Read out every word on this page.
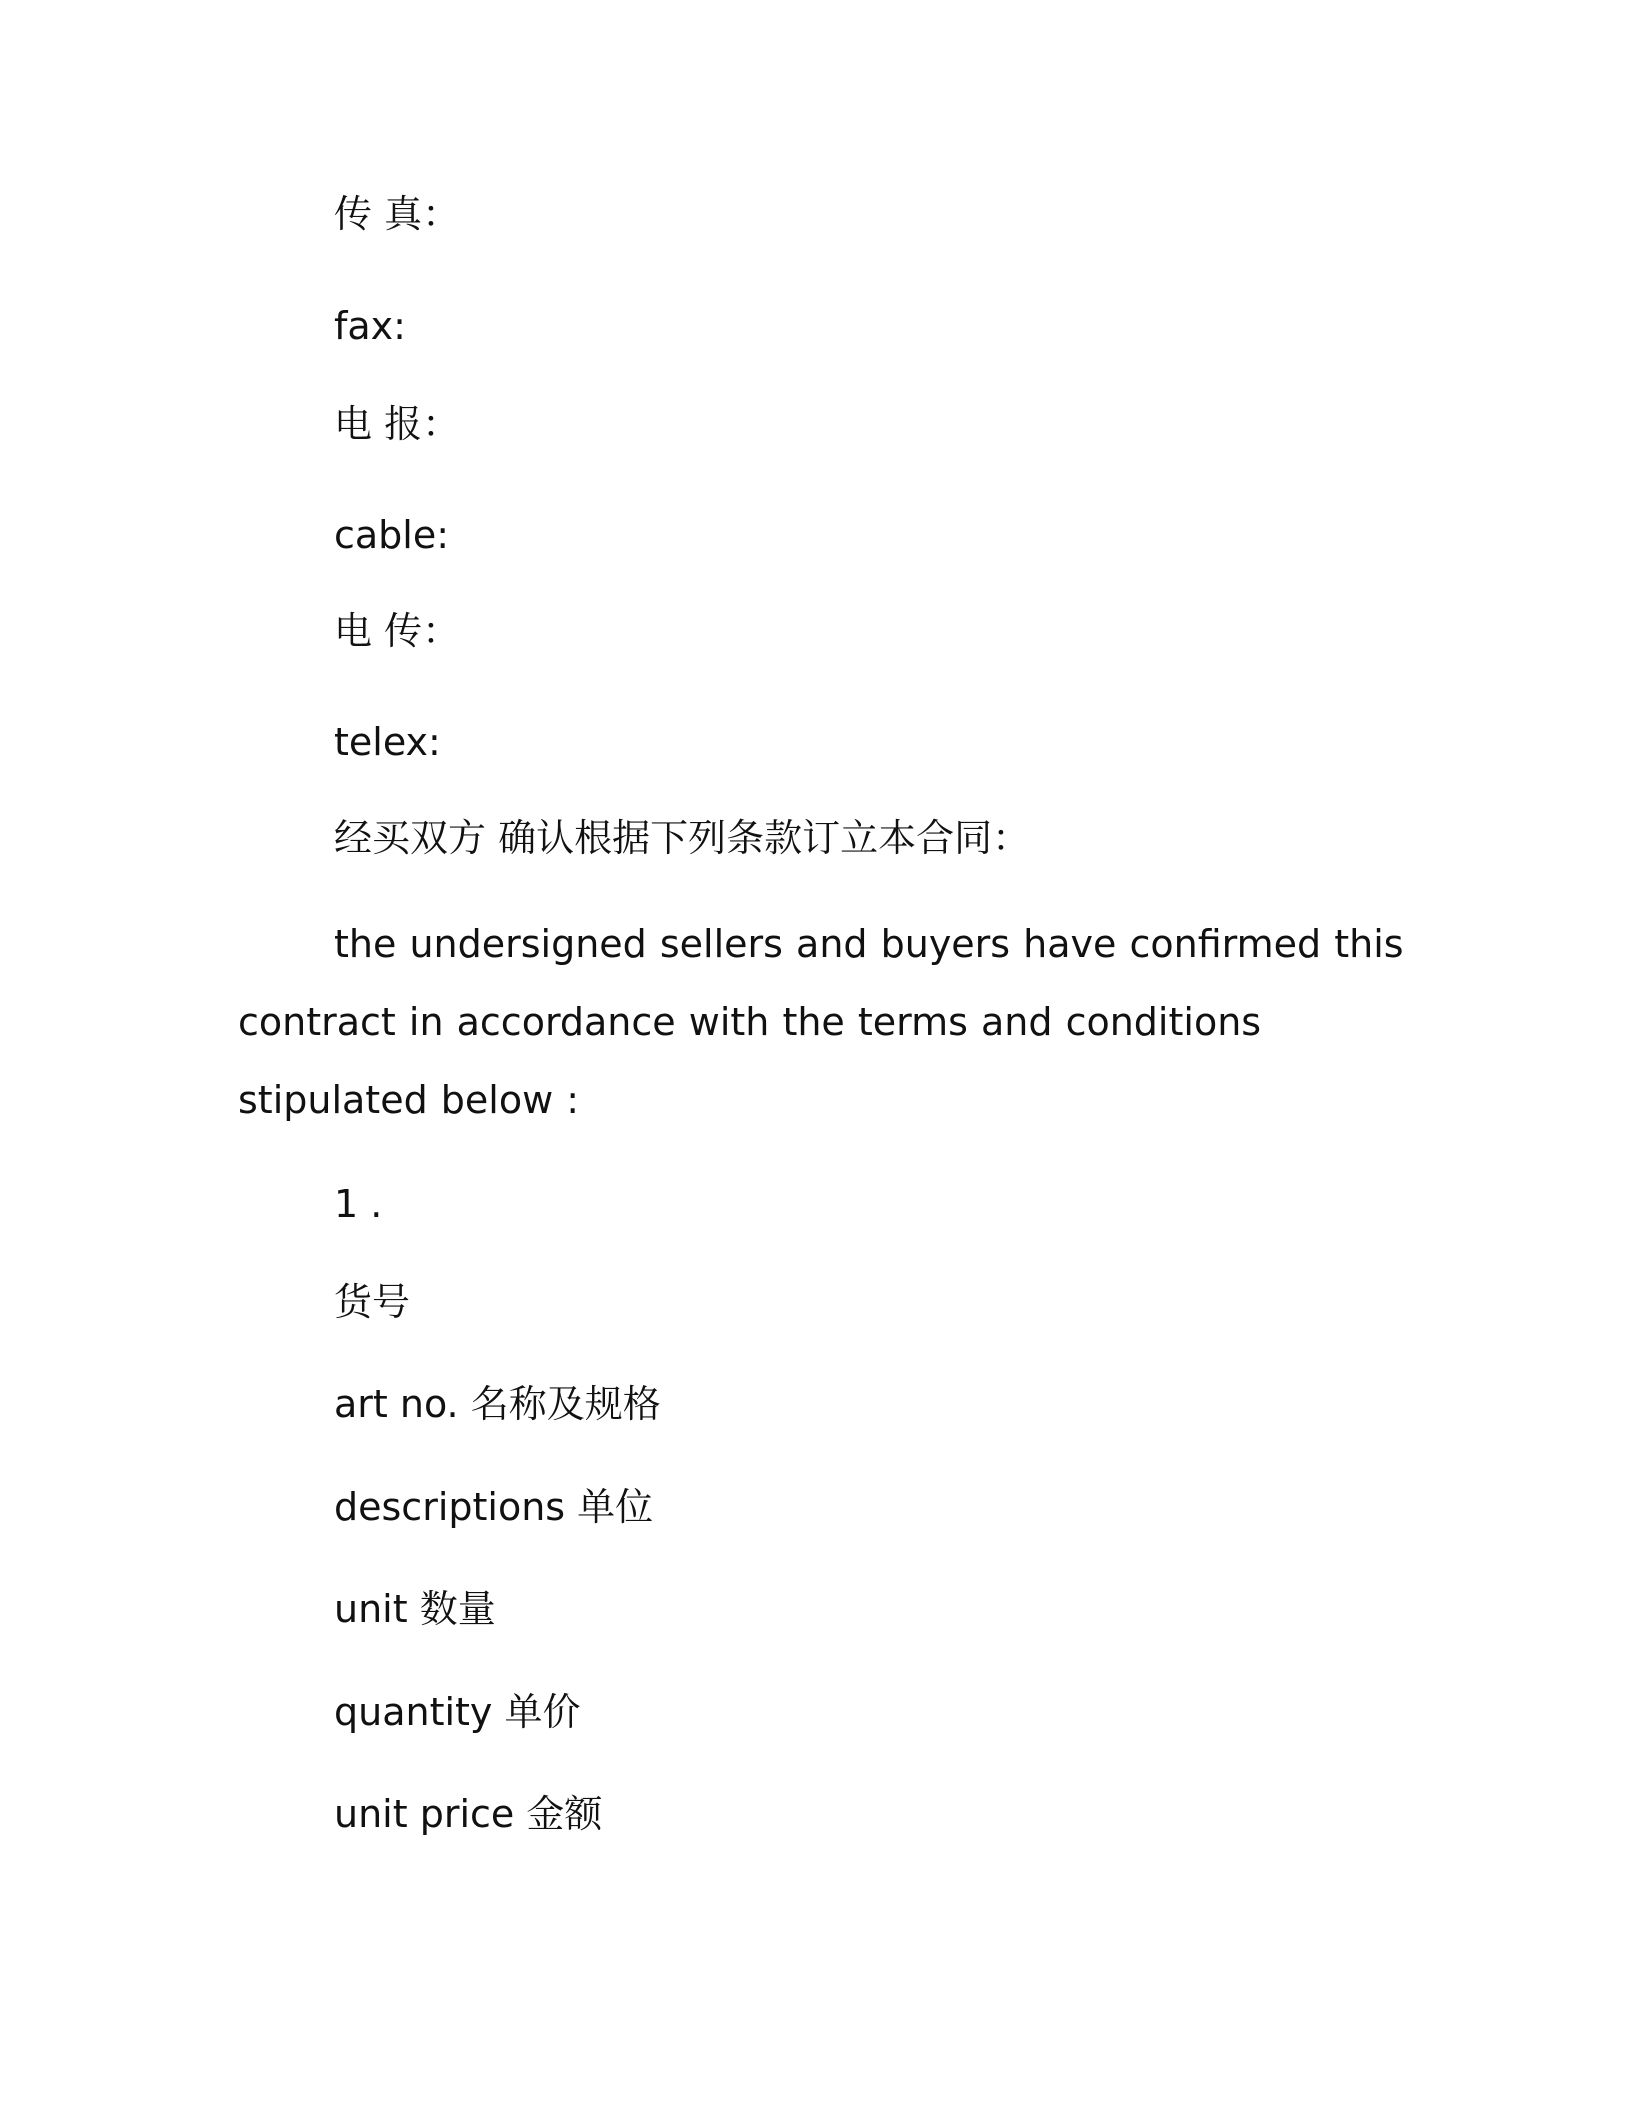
传 真：
fax:
电 报：
cable:
电 传：
telex:
经买双方 确认根据下列条款订立本合同：
the undersigned sellers and buyers have confirmed this contract in accordance with the terms and conditions stipulated below :
1 .
货号
art no. 名称及规格
descriptions 单位
unit 数量
quantity 单价
unit price 金额
